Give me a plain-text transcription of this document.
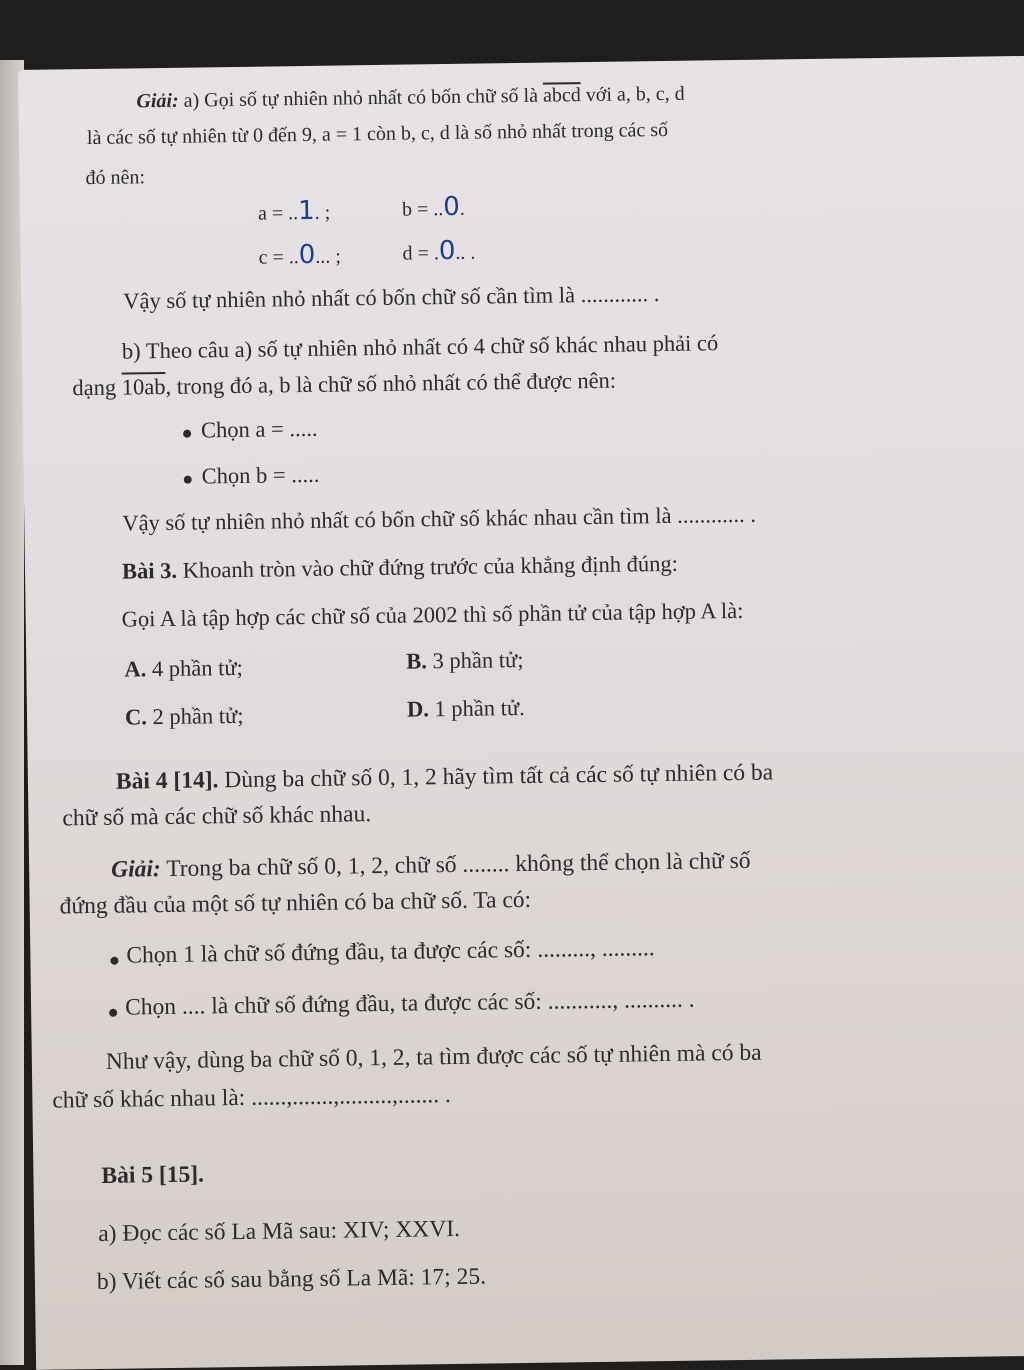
Giải: a) Gọi số tự nhiên nhỏ nhất có bốn chữ số là abcd với a, b, c, d
là các số tự nhiên từ 0 đến 9, a = 1 còn b, c, d là số nhỏ nhất trong các số
đó nên:
a = ..1. ;	b = ..0.
c = ..0... ;	d = .0.. .
Vậy số tự nhiên nhỏ nhất có bốn chữ số cần tìm là ............ .
b) Theo câu a) số tự nhiên nhỏ nhất có 4 chữ số khác nhau phải có
dạng 10ab, trong đó a, b là chữ số nhỏ nhất có thể được nên:
Chọn a = .....
Chọn b = .....
Vậy số tự nhiên nhỏ nhất có bốn chữ số khác nhau cần tìm là ............ .
Bài 3. Khoanh tròn vào chữ đứng trước của khẳng định đúng:
Gọi A là tập hợp các chữ số của 2002 thì số phần tử của tập hợp A là:
A. 4 phần tử;	B. 3 phần tử;
C. 2 phần tử;	D. 1 phần tử.
Bài 4 [14]. Dùng ba chữ số 0, 1, 2 hãy tìm tất cả các số tự nhiên có ba
chữ số mà các chữ số khác nhau.
Giải: Trong ba chữ số 0, 1, 2, chữ số ........ không thể chọn là chữ số
đứng đầu của một số tự nhiên có ba chữ số. Ta có:
Chọn 1 là chữ số đứng đầu, ta được các số: ........., .........
Chọn .... là chữ số đứng đầu, ta được các số: ..........., .......... .
Như vậy, dùng ba chữ số 0, 1, 2, ta tìm được các số tự nhiên mà có ba
chữ số khác nhau là: ......,.......,.........,....... .
Bài 5 [15].
a) Đọc các số La Mã sau: XIV; XXVI.
b) Viết các số sau bằng số La Mã: 17; 25.
